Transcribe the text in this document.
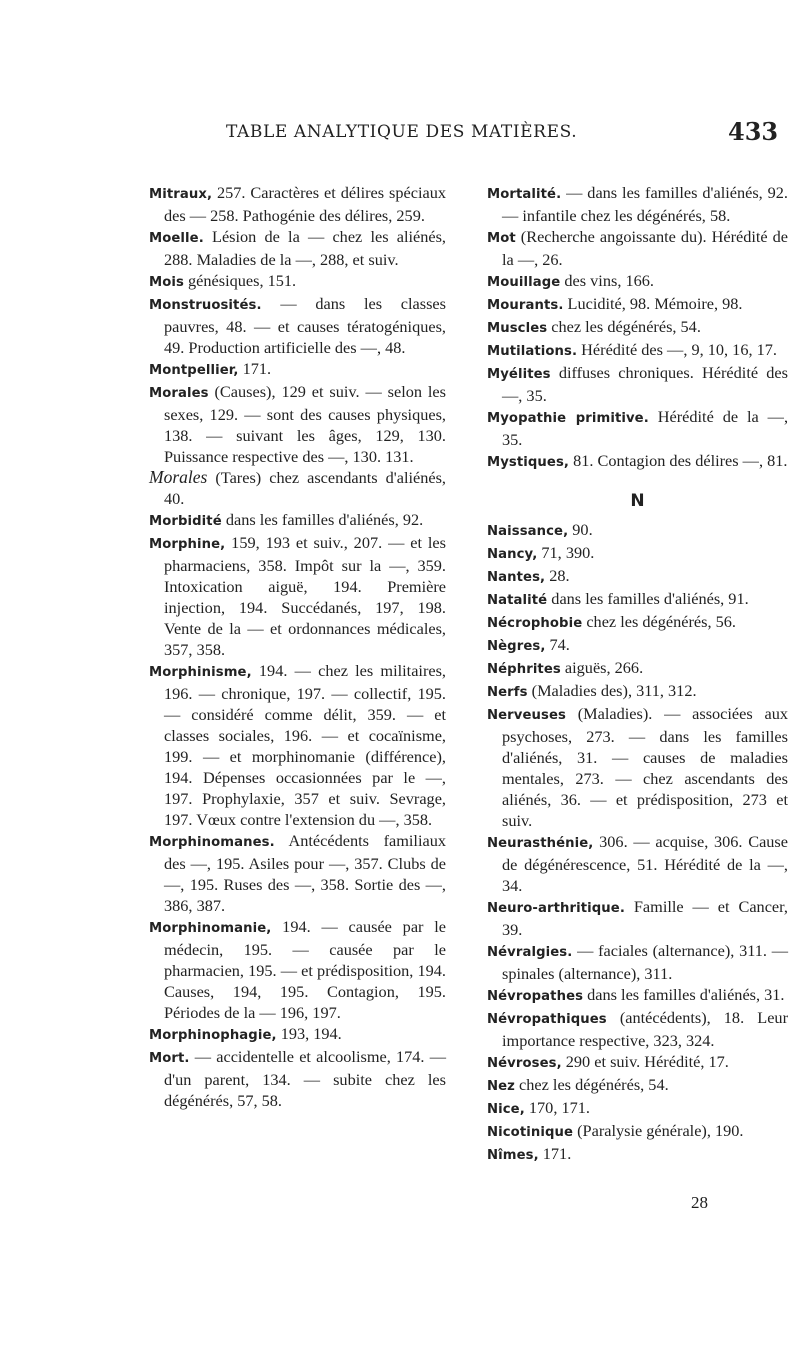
TABLE ANALYTIQUE DES MATIÈRES.	433

Mitraux, 257. Caractères et délires spéciaux des — 258. Pathogénie des délires, 259.

Moelle. Lésion de la — chez les aliénés, 288. Maladies de la —, 288, et suiv.

Mois génésiques, 151.

Monstruosités. — dans les classes pauvres, 48. — et causes tératogéniques, 49. Production artificielle des —, 48.

Montpellier, 171.

Morales (Causes), 129 et suiv. — selon les sexes, 129. — sont des causes physiques, 138. — suivant les âges, 129, 130. Puissance respective des —, 130. 131.

Morales (Tares) chez ascendants d'aliénés, 40.

Morbidité dans les familles d'aliénés, 92.

Morphine, 159, 193 et suiv., 207. — et les pharmaciens, 358. Impôt sur la —, 359. Intoxication aiguë, 194. Première injection, 194. Succédanés, 197, 198. Vente de la — et ordonnances médicales, 357, 358.

Morphinisme, 194. — chez les militaires, 196. — chronique, 197. — collectif, 195. — considéré comme délit, 359. — et classes sociales, 196. — et cocaïnisme, 199. — et morphinomanie (différence), 194. Dépenses occasionnées par le —, 197. Prophylaxie, 357 et suiv. Sevrage, 197. Vœux contre l'extension du —, 358.

Morphinomanes. Antécédents familiaux des —, 195. Asiles pour —, 357. Clubs de —, 195. Ruses des —, 358. Sortie des —, 386, 387.

Morphinomanie, 194. — causée par le médecin, 195. — causée par le pharmacien, 195. — et prédisposition, 194. Causes, 194, 195. Contagion, 195. Périodes de la — 196, 197.

Morphinophagie, 193, 194.

Mort. — accidentelle et alcoolisme, 174. — d'un parent, 134. — subite chez les dégénérés, 57, 58.

Mortalité. — dans les familles d'aliénés, 92. — infantile chez les dégénérés, 58.

Mot (Recherche angoissante du). Hérédité de la —, 26.

Mouillage des vins, 166.

Mourants. Lucidité, 98. Mémoire, 98.

Muscles chez les dégénérés, 54.

Mutilations. Hérédité des —, 9, 10, 16, 17.

Myélites diffuses chroniques. Hérédité des —, 35.

Myopathie primitive. Hérédité de la —, 35.

Mystiques, 81. Contagion des délires —, 81.

N

Naissance, 90.

Nancy, 71, 390.

Nantes, 28.

Natalité dans les familles d'aliénés, 91.

Nécrophobie chez les dégénérés, 56.

Nègres, 74.

Néphrites aiguës, 266.

Nerfs (Maladies des), 311, 312.

Nerveuses (Maladies). — associées aux psychoses, 273. — dans les familles d'aliénés, 31. — causes de maladies mentales, 273. — chez ascendants des aliénés, 36. — et prédisposition, 273 et suiv.

Neurasthénie, 306. — acquise, 306. Cause de dégénérescence, 51. Hérédité de la —, 34.

Neuro-arthritique. Famille — et Cancer, 39.

Névralgies. — faciales (alternance), 311. — spinales (alternance), 311.

Névropathes dans les familles d'aliénés, 31.

Névropathiques (antécédents), 18. Leur importance respective, 323, 324.

Névroses, 290 et suiv. Hérédité, 17.

Nez chez les dégénérés, 54.

Nice, 170, 171.

Nicotinique (Paralysie générale), 190.

Nîmes, 171.

28
